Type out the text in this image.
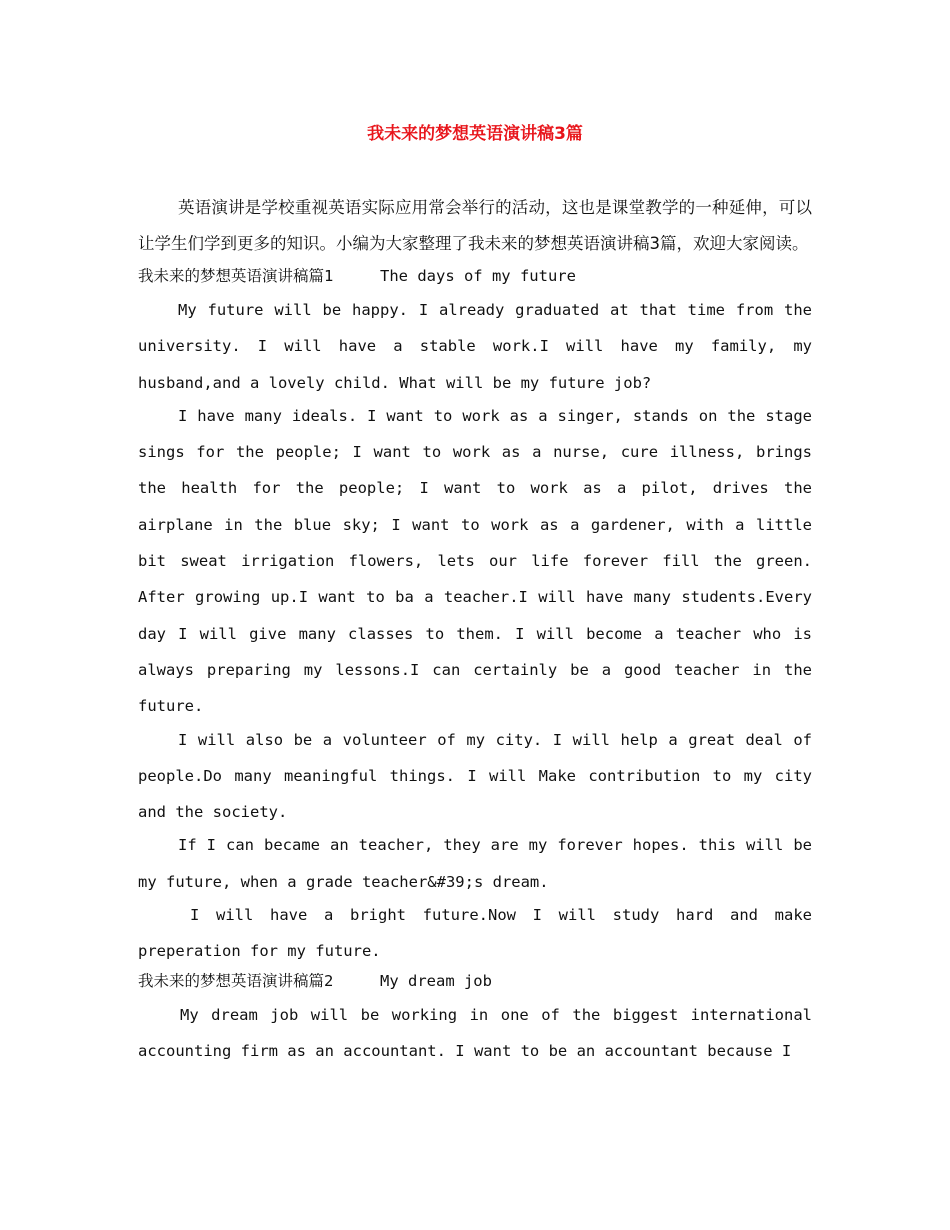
我未来的梦想英语演讲稿3篇

英语演讲是学校重视英语实际应用常会举行的活动，这也是课堂教学的一种延伸，可以让学生们学到更多的知识。小编为大家整理了我未来的梦想英语演讲稿3篇，欢迎大家阅读。

我未来的梦想英语演讲稿篇1     The days of my future

My future will be happy. I already graduated at that time from the university. I will have a stable work.I will have my family, my husband,and a lovely child. What will be my future job?

I have many ideals. I want to work as a singer, stands on the stage sings for the people; I want to work as a nurse, cure illness, brings the health for the people; I want to work as a pilot, drives the airplane in the blue sky; I want to work as a gardener, with a little bit sweat irrigation flowers, lets our life forever fill the green. After growing up.I want to ba a teacher.I will have many students.Every day I will give many classes to them. I will become a teacher who is always preparing my lessons.I can certainly be a good teacher in the future.

I will also be a volunteer of my city. I will help a great deal of people.Do many meaningful things. I will Make contribution to my city and the society.

If I can became an teacher, they are my forever hopes. this will be my future, when a grade teacher&#39;s dream.

I will have a bright future.Now I will study hard and make preperation for my future.

我未来的梦想英语演讲稿篇2     My dream job

My dream job will be working in one of the biggest international accounting firm as an accountant. I want to be an accountant because I
